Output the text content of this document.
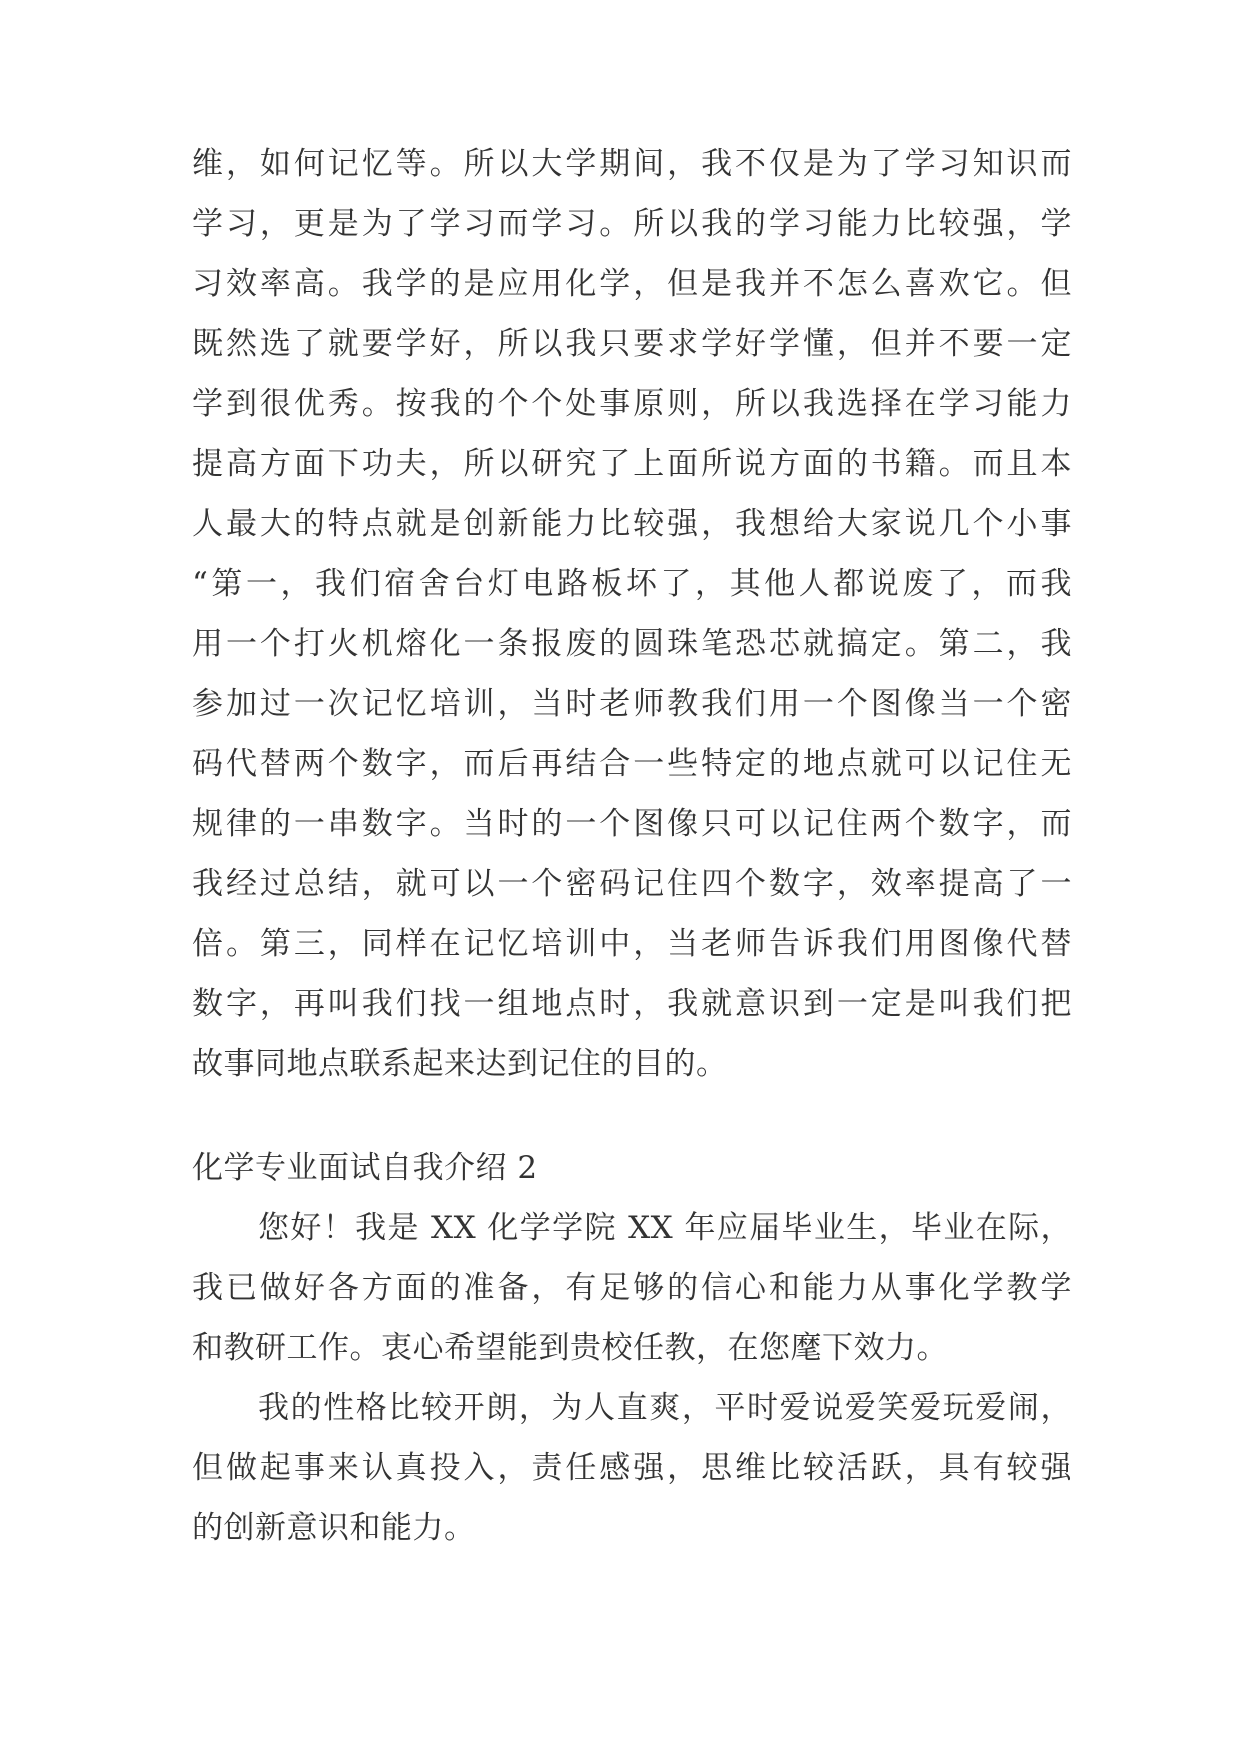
维，如何记忆等。所以大学期间，我不仅是为了学习知识而
学习，更是为了学习而学习。所以我的学习能力比较强，学
习效率高。我学的是应用化学，但是我并不怎么喜欢它。但
既然选了就要学好，所以我只要求学好学懂，但并不要一定
学到很优秀。按我的个个处事原则，所以我选择在学习能力
提高方面下功夫，所以研究了上面所说方面的书籍。而且本
人最大的特点就是创新能力比较强，我想给大家说几个小事
“第一，我们宿舍台灯电路板坏了，其他人都说废了，而我
用一个打火机熔化一条报废的圆珠笔恐芯就搞定。第二，我
参加过一次记忆培训，当时老师教我们用一个图像当一个密
码代替两个数字，而后再结合一些特定的地点就可以记住无
规律的一串数字。当时的一个图像只可以记住两个数字，而
我经过总结，就可以一个密码记住四个数字，效率提高了一
倍。第三，同样在记忆培训中，当老师告诉我们用图像代替
数字，再叫我们找一组地点时，我就意识到一定是叫我们把
故事同地点联系起来达到记住的目的。
化学专业面试自我介绍 2
您好！我是 XX 化学学院 XX 年应届毕业生，毕业在际，
我已做好各方面的准备，有足够的信心和能力从事化学教学
和教研工作。衷心希望能到贵校任教，在您麾下效力。
我的性格比较开朗，为人直爽，平时爱说爱笑爱玩爱闹，
但做起事来认真投入，责任感强，思维比较活跃，具有较强
的创新意识和能力。
